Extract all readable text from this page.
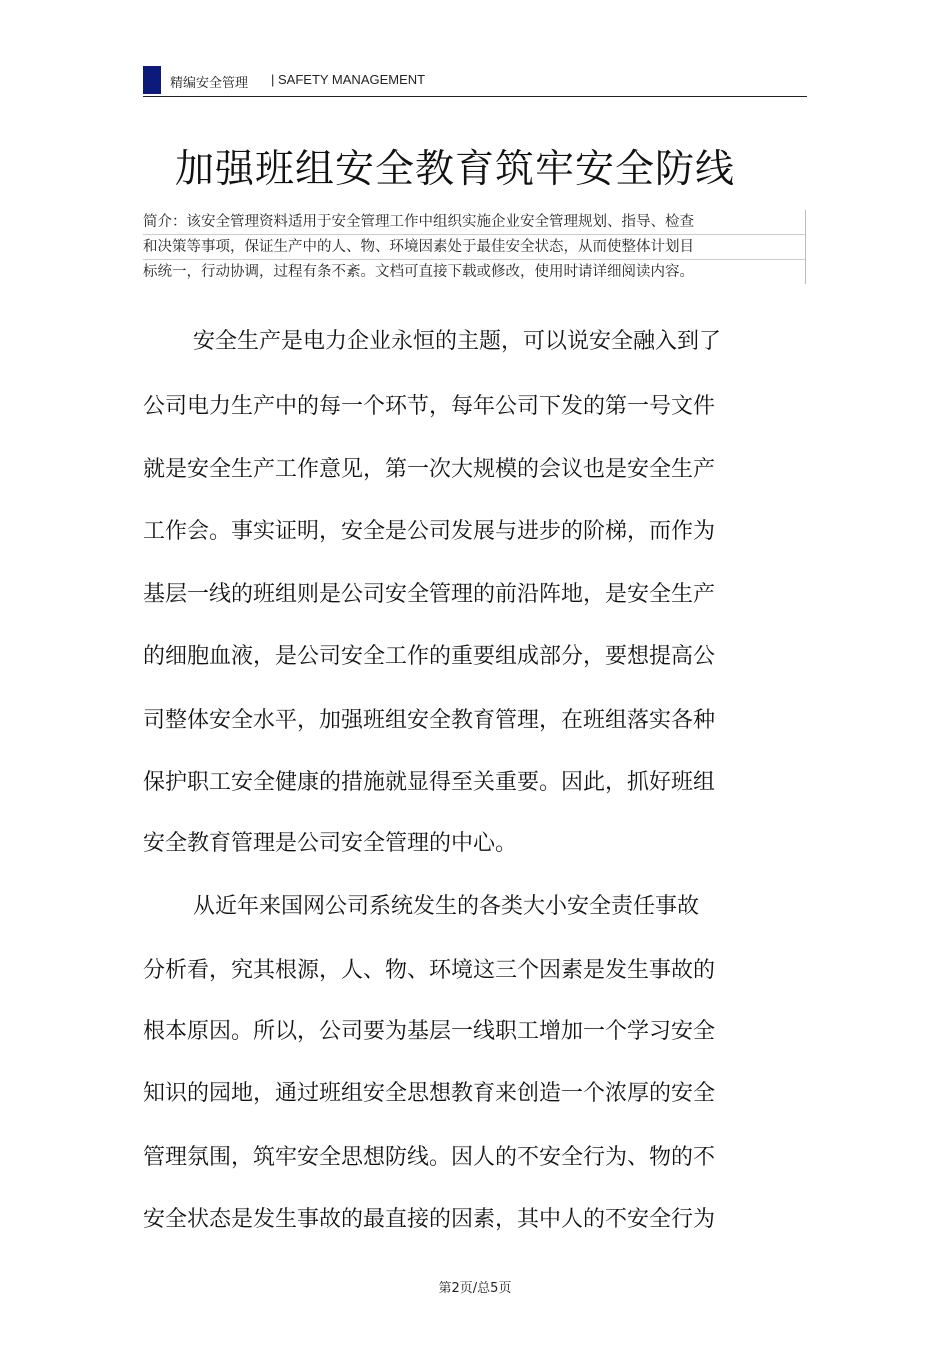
精编安全管理 | SAFETY MANAGEMENT
加强班组安全教育筑牢安全防线
简介：该安全管理资料适用于安全管理工作中组织实施企业安全管理规划、指导、检查
和决策等事项，保证生产中的人、物、环境因素处于最佳安全状态，从而使整体计划目
标统一，行动协调，过程有条不紊。文档可直接下载或修改，使用时请详细阅读内容。
安全生产是电力企业永恒的主题，可以说安全融入到了
公司电力生产中的每一个环节，每年公司下发的第一号文件
就是安全生产工作意见，第一次大规模的会议也是安全生产
工作会。事实证明，安全是公司发展与进步的阶梯，而作为
基层一线的班组则是公司安全管理的前沿阵地，是安全生产
的细胞血液，是公司安全工作的重要组成部分，要想提高公
司整体安全水平，加强班组安全教育管理，在班组落实各种
保护职工安全健康的措施就显得至关重要。因此，抓好班组
安全教育管理是公司安全管理的中心。
从近年来国网公司系统发生的各类大小安全责任事故
分析看，究其根源，人、物、环境这三个因素是发生事故的
根本原因。所以，公司要为基层一线职工增加一个学习安全
知识的园地，通过班组安全思想教育来创造一个浓厚的安全
管理氛围，筑牢安全思想防线。因人的不安全行为、物的不
安全状态是发生事故的最直接的因素，其中人的不安全行为
第2页/总5页
